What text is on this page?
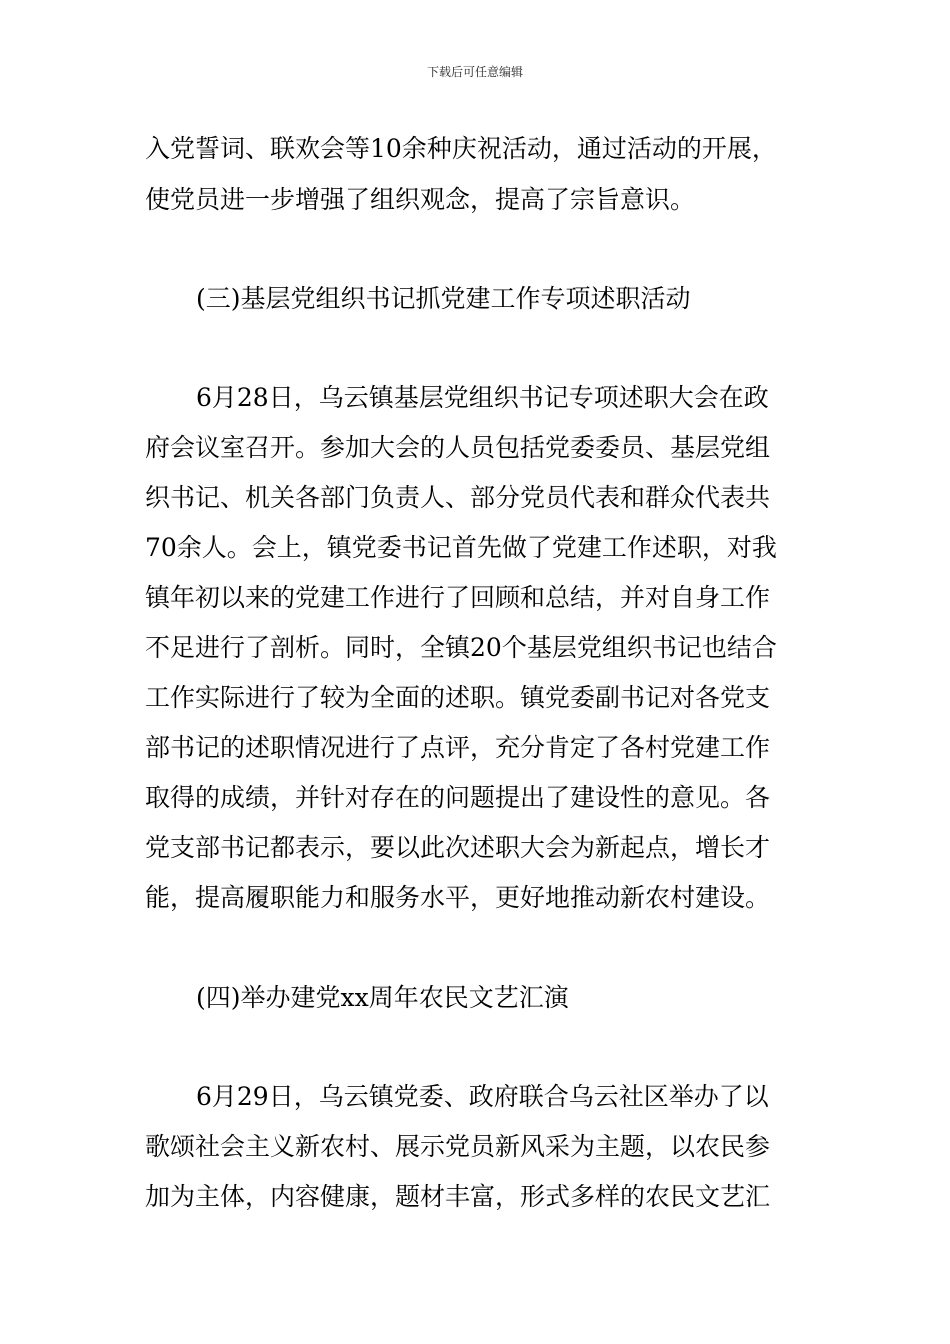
下载后可任意编辑
入党誓词、联欢会等10余种庆祝活动，通过活动的开展，
使党员进一步增强了组织观念，提高了宗旨意识。
(三)基层党组织书记抓党建工作专项述职活动
6月28日，乌云镇基层党组织书记专项述职大会在政
府会议室召开。参加大会的人员包括党委委员、基层党组
织书记、机关各部门负责人、部分党员代表和群众代表共
70余人。会上，镇党委书记首先做了党建工作述职，对我
镇年初以来的党建工作进行了回顾和总结，并对自身工作
不足进行了剖析。同时，全镇20个基层党组织书记也结合
工作实际进行了较为全面的述职。镇党委副书记对各党支
部书记的述职情况进行了点评，充分肯定了各村党建工作
取得的成绩，并针对存在的问题提出了建设性的意见。各
党支部书记都表示，要以此次述职大会为新起点，增长才
能，提高履职能力和服务水平，更好地推动新农村建设。
(四)举办建党xx周年农民文艺汇演
6月29日，乌云镇党委、政府联合乌云社区举办了以
歌颂社会主义新农村、展示党员新风采为主题，以农民参
加为主体，内容健康，题材丰富，形式多样的农民文艺汇
